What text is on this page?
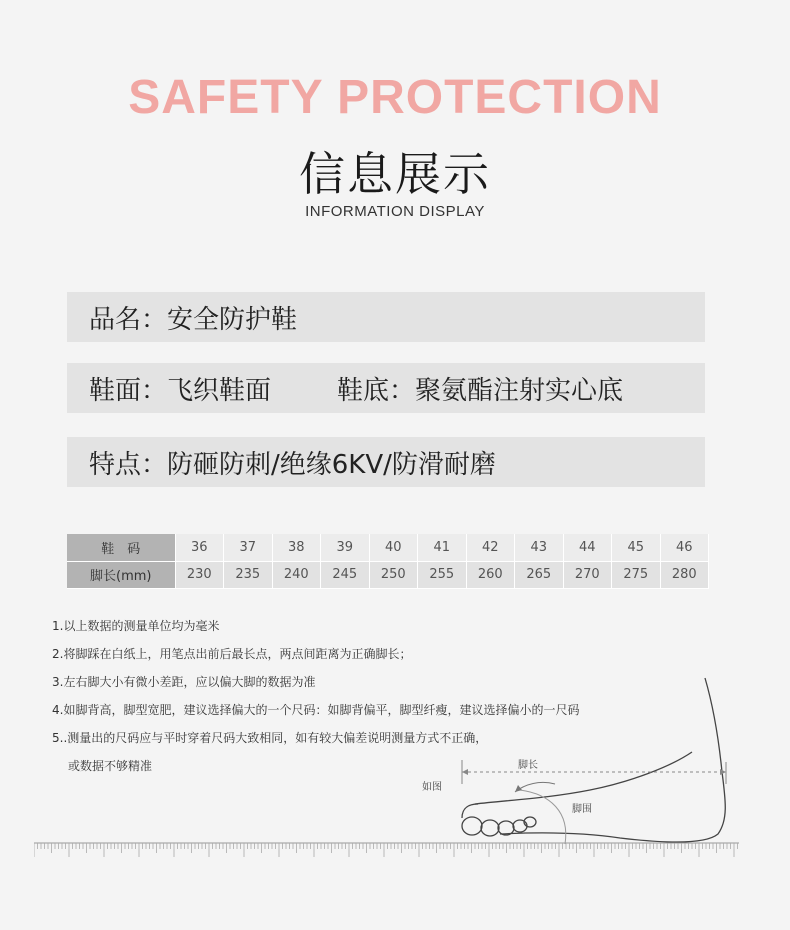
SAFETY PROTECTION
信息展示
INFORMATION DISPLAY
品名：安全防护鞋
鞋面：飞织鞋面	鞋底：聚氨酯注射实心底
特点：防砸防刺/绝缘6KV/防滑耐磨
鞋　码	36	37	38	39	40	41	42	43	44	45	46
脚长(mm)	230	235	240	245	250	255	260	265	270	275	280
脚长
如图
脚围
1.以上数据的测量单位均为毫米
2.将脚踩在白纸上，用笔点出前后最长点，两点间距离为正确脚长；
3.左右脚大小有微小差距，应以偏大脚的数据为准
4.如脚背高，脚型宽肥，建议选择偏大的一个尺码：如脚背偏平，脚型纤瘦，建议选择偏小的一尺码
5..测量出的尺码应与平时穿着尺码大致相同，如有较大偏差说明测量方式不正确，
或数据不够精准
